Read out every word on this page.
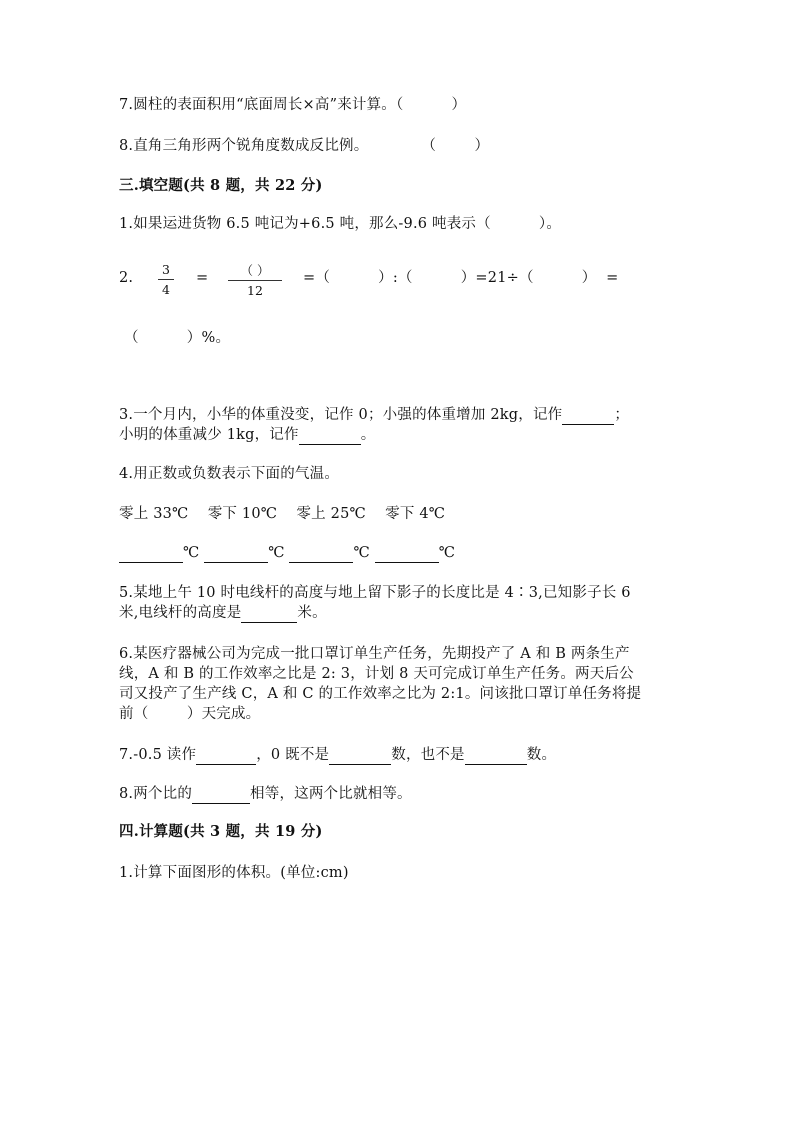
7.圆柱的表面积用“底面周长×高”来计算。（          ）
8.直角三角形两个锐角度数成反比例。           （        ）
三.填空题(共 8 题，共 22 分)
1.如果运进货物 6.5 吨记为+6.5 吨，那么-9.6 吨表示（          ）。
2.
3
4
=	（ ）
12
=（          ）:（          ）=21÷（          ）  =
（          ）%。
3.一个月内，小华的体重没变，记作 0；小强的体重增加 2kg，记作	；
小明的体重减少 1kg，记作	。
4.用正数或负数表示下面的气温。
零上 33℃    零下 10℃    零上 25℃    零下 4℃
℃	℃	℃	℃
5.某地上午 10 时电线杆的高度与地上留下影子的长度比是 4∶3,已知影子长 6
米,电线杆的高度是	米。
6.某医疗器械公司为完成一批口罩订单生产任务，先期投产了 A 和 B 两条生产
线，A 和 B 的工作效率之比是 2: 3，计划 8 天可完成订单生产任务。两天后公
司又投产了生产线 C，A 和 C 的工作效率之比为 2:1。问该批口罩订单任务将提
前（        ）天完成。
7.-0.5 读作	，0 既不是	数，也不是	数。
8.两个比的	相等，这两个比就相等。
四.计算题(共 3 题，共 19 分)
1.计算下面图形的体积。(单位:cm)
